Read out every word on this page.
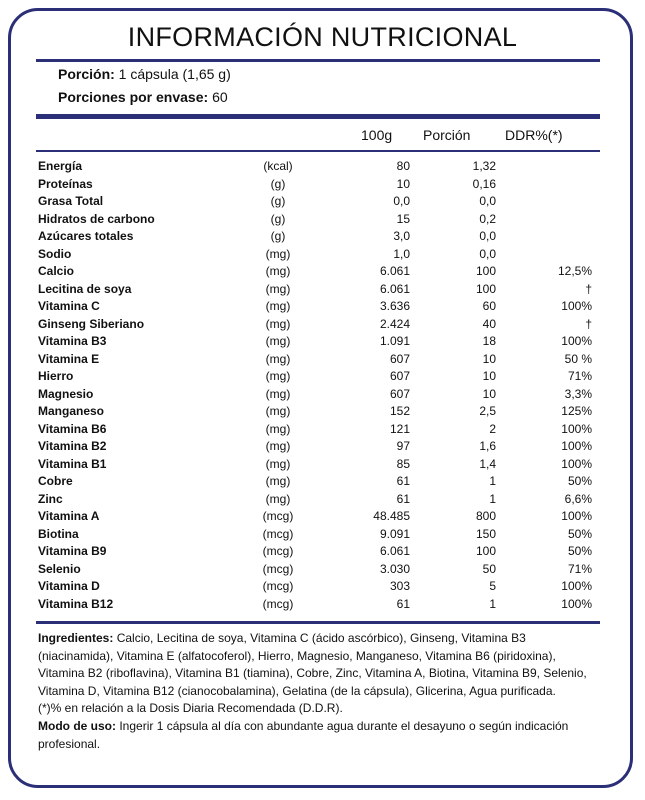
INFORMACIÓN NUTRICIONAL
Porción: 1 cápsula (1,65 g)
Porciones por envase: 60
100g Porción DDR%(*)
Energía	(kcal)	80	1,32	
Proteínas	(g)	10	0,16	
Grasa Total	(g)	0,0	0,0	
Hidratos de carbono	(g)	15	0,2	
Azúcares totales	(g)	3,0	0,0	
Sodio	(mg)	1,0	0,0	
Calcio	(mg)	6.061	100	12,5%
Lecitina de soya	(mg)	6.061	100	†
Vitamina C	(mg)	3.636	60	100%
Ginseng Siberiano	(mg)	2.424	40	†
Vitamina B3	(mg)	1.091	18	100%
Vitamina E	(mg)	607	10	50 %
Hierro	(mg)	607	10	71%
Magnesio	(mg)	607	10	3,3%
Manganeso	(mg)	152	2,5	125%
Vitamina B6	(mg)	121	2	100%
Vitamina B2	(mg)	97	1,6	100%
Vitamina B1	(mg)	85	1,4	100%
Cobre	(mg)	61	1	50%
Zinc	(mg)	61	1	6,6%
Vitamina A	(mcg)	48.485	800	100%
Biotina	(mcg)	9.091	150	50%
Vitamina B9	(mcg)	6.061	100	50%
Selenio	(mcg)	3.030	50	71%
Vitamina D	(mcg)	303	5	100%
Vitamina B12	(mcg)	61	1	100%
Ingredientes: Calcio, Lecitina de soya, Vitamina C (ácido ascórbico), Ginseng, Vitamina B3 (niacinamida), Vitamina E (alfatocoferol), Hierro, Magnesio, Manganeso, Vitamina B6 (piridoxina), Vitamina B2 (riboflavina), Vitamina B1 (tiamina), Cobre, Zinc, Vitamina A, Biotina, Vitamina B9, Selenio, Vitamina D, Vitamina B12 (cianocobalamina), Gelatina (de la cápsula), Glicerina, Agua purificada.
(*)% en relación a la Dosis Diaria Recomendada (D.D.R).
Modo de uso: Ingerir 1 cápsula al día con abundante agua durante el desayuno o según indicación profesional.
